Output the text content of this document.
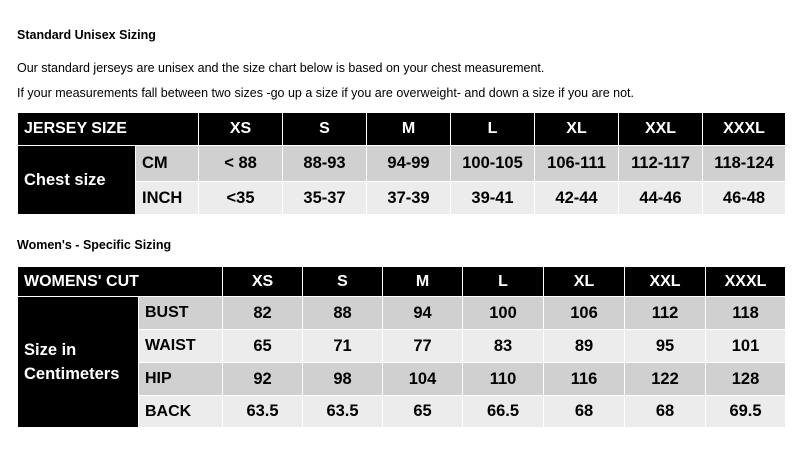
Standard Unisex Sizing
Our standard jerseys are unisex and the size chart below is based on your chest measurement.
If your measurements fall between two sizes -go up a size if you are overweight- and down a size if you are not.
JERSEY SIZE		XS	S	M	L	XL	XXL	XXXL
Chest size	CM	< 88	88-93	94-99	100-105	106-111	112-117	118-124
	INCH	<35	35-37	37-39	39-41	42-44	44-46	46-48
Women's - Specific Sizing
WOMENS' CUT		XS	S	M	L	XL	XXL	XXXL

Size in
Centimeters	BUST	82	88	94	100	106	112	118
	WAIST	65	71	77	83	89	95	101
	HIP	92	98	104	110	116	122	128
	BACK	63.5	63.5	65	66.5	68	68	69.5
